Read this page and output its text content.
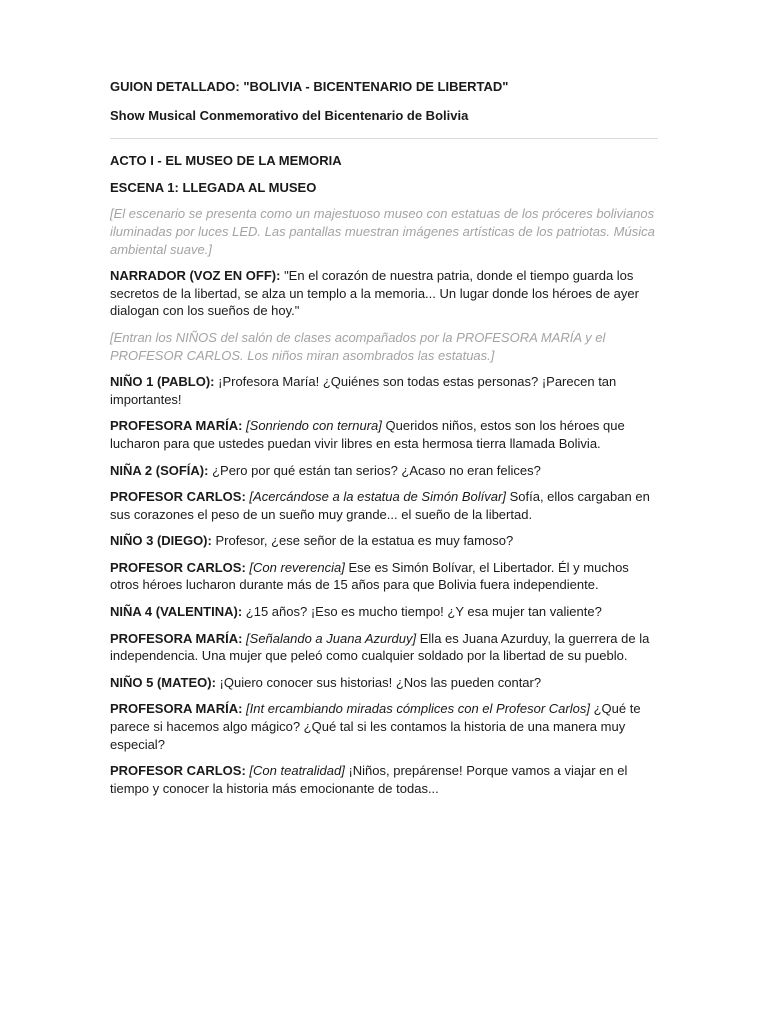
GUION DETALLADO: "BOLIVIA - BICENTENARIO DE LIBERTAD"
Show Musical Conmemorativo del Bicentenario de Bolivia
ACTO I - EL MUSEO DE LA MEMORIA
ESCENA 1: LLEGADA AL MUSEO
[El escenario se presenta como un majestuoso museo con estatuas de los próceres bolivianos iluminadas por luces LED. Las pantallas muestran imágenes artísticas de los patriotas. Música ambiental suave.]
NARRADOR (VOZ EN OFF): "En el corazón de nuestra patria, donde el tiempo guarda los secretos de la libertad, se alza un templo a la memoria... Un lugar donde los héroes de ayer dialogan con los sueños de hoy."
[Entran los NIÑOS del salón de clases acompañados por la PROFESORA MARÍA y el PROFESOR CARLOS. Los niños miran asombrados las estatuas.]
NIÑO 1 (PABLO): ¡Profesora María! ¿Quiénes son todas estas personas? ¡Parecen tan importantes!
PROFESORA MARÍA: [Sonriendo con ternura] Queridos niños, estos son los héroes que lucharon para que ustedes puedan vivir libres en esta hermosa tierra llamada Bolivia.
NIÑA 2 (SOFÍA): ¿Pero por qué están tan serios? ¿Acaso no eran felices?
PROFESOR CARLOS: [Acercándose a la estatua de Simón Bolívar] Sofía, ellos cargaban en sus corazones el peso de un sueño muy grande... el sueño de la libertad.
NIÑO 3 (DIEGO): Profesor, ¿ese señor de la estatua es muy famoso?
PROFESOR CARLOS: [Con reverencia] Ese es Simón Bolívar, el Libertador. Él y muchos otros héroes lucharon durante más de 15 años para que Bolivia fuera independiente.
NIÑA 4 (VALENTINA): ¿15 años? ¡Eso es mucho tiempo! ¿Y esa mujer tan valiente?
PROFESORA MARÍA: [Señalando a Juana Azurduy] Ella es Juana Azurduy, la guerrera de la independencia. Una mujer que peleó como cualquier soldado por la libertad de su pueblo.
NIÑO 5 (MATEO): ¡Quiero conocer sus historias! ¿Nos las pueden contar?
PROFESORA MARÍA: [Int ercambiando miradas cómplices con el Profesor Carlos] ¿Qué te parece si hacemos algo mágico? ¿Qué tal si les contamos la historia de una manera muy especial?
PROFESOR CARLOS: [Con teatralidad] ¡Niños, prepárense! Porque vamos a viajar en el tiempo y conocer la historia más emocionante de todas...
